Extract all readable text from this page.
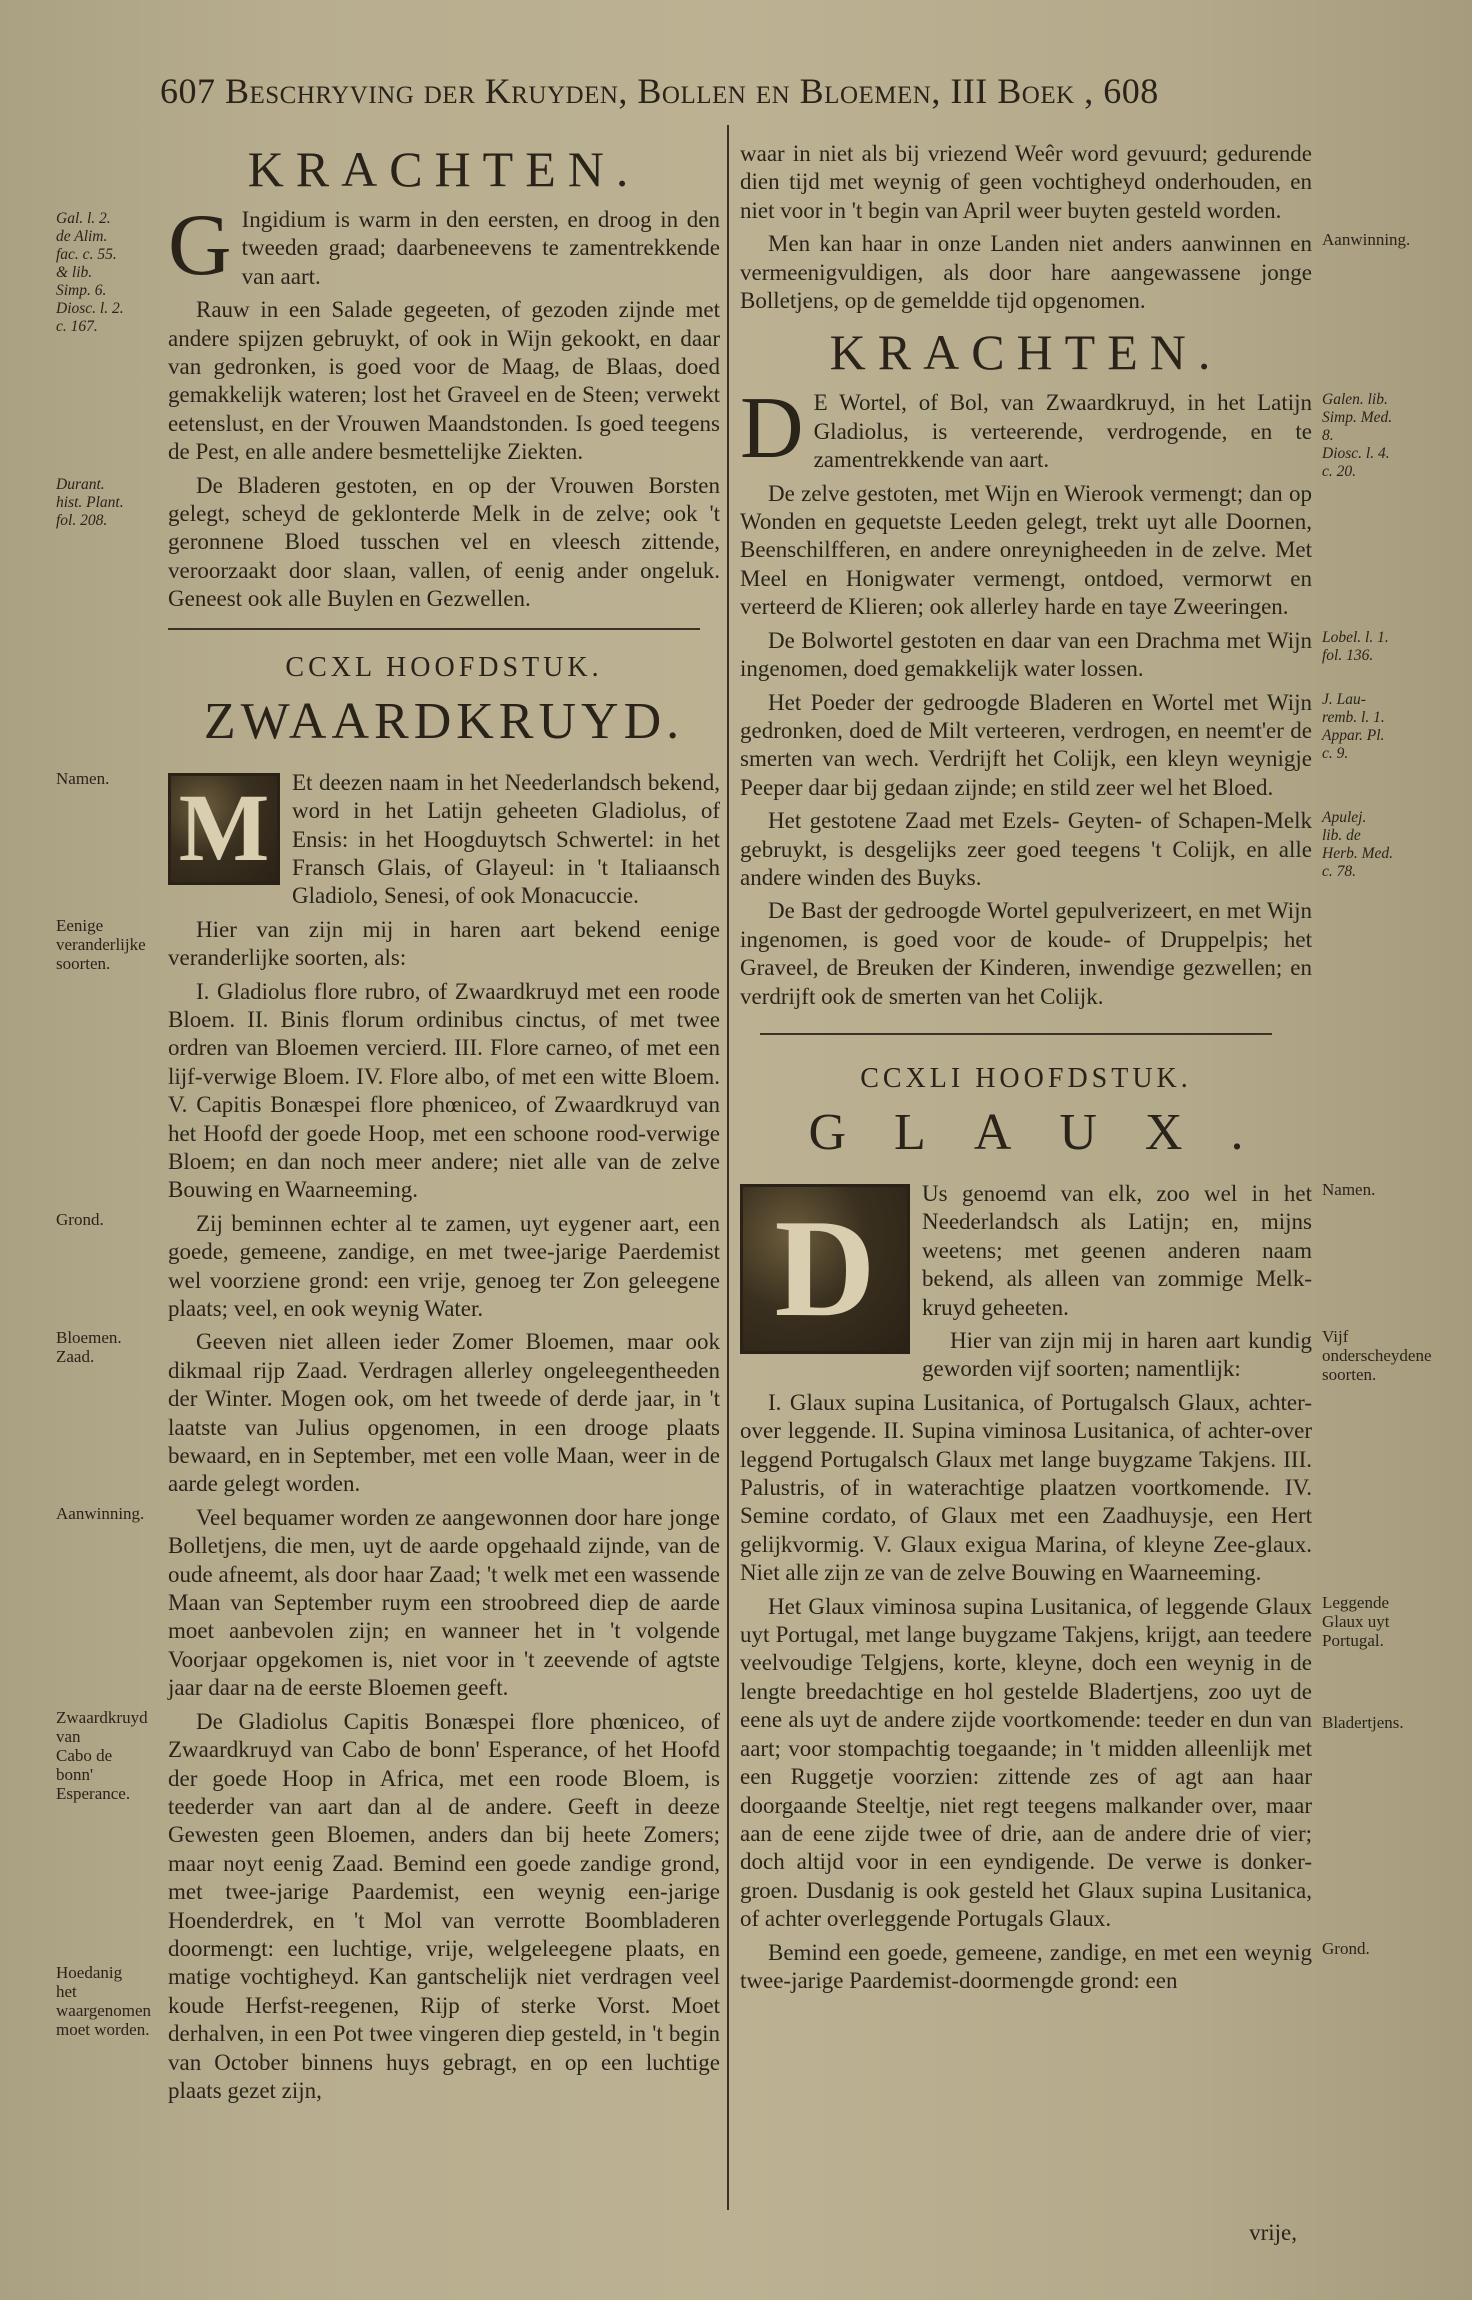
607 Beschryving der Kruyden, Bollen en Bloemen, III Boek , 608
KRACHTEN.

Gal. l. 2.
de Alim.
fac. c. 55.
& lib.
Simp. 6.
Diosc. l. 2.
c. 167.
G Ingidium is warm in den eersten, en droog in den tweeden graad; daarbeneevens te zamentrekkende van aart.

Rauw in een Salade gegeeten, of gezoden zijnde met andere spijzen gebruykt, of ook in Wijn gekookt, en daar van gedronken, is goed voor de Maag, de Blaas, doed gemakkelijk wateren; lost het Graveel en de Steen; verwekt eetenslust, en der Vrouwen Maandstonden. Is goed teegens de Pest, en alle andere besmettelijke Ziekten.

Durant.
hist. Plant.
fol. 208.
De Bladeren gestoten, en op der Vrouwen Borsten gelegt, scheyd de geklonterde Melk in de zelve; ook 't geronnene Bloed tusschen vel en vleesch zittende, veroorzaakt door slaan, vallen, of eenig ander ongeluk. Geneest ook alle Buylen en Gezwellen.

CCXL HOOFDSTUK.
ZWAARDKRUYD.

Namen. M Et deezen naam in het Neederlandsch bekend, word in het Latijn geheeten Gladiolus, of Ensis: in het Hoogduytsch Schwertel: in het Fransch Glais, of Glayeul: in 't Italiaansch Gladiolo, Senesi, of ook Monacuccie.

Eenige
veranderlijke soorten.
Hier van zijn mij in haren aart bekend eenige veranderlijke soorten, als:

I. Gladiolus flore rubro, of Zwaardkruyd met een roode Bloem. II. Binis florum ordinibus cinctus, of met twee ordren van Bloemen vercierd. III. Flore carneo, of met een lijf-verwige Bloem. IV. Flore albo, of met een witte Bloem. V. Capitis Bonæspei flore phœniceo, of Zwaardkruyd van het Hoofd der goede Hoop, met een schoone rood-verwige Bloem; en dan noch meer andere; niet alle van de zelve Bouwing en Waarneeming.

Grond.	Zij beminnen echter al te zamen, uyt eygener aart, een goede, gemeene, zandige, en met twee-jarige Paerdemist wel voorziene grond: een vrije, genoeg ter Zon geleegene plaats; veel, en ook weynig Water.

Bloemen.
Zaad.
Geeven niet alleen ieder Zomer Bloemen, maar ook dikmaal rijp Zaad. Verdragen allerley ongeleegentheeden der Winter. Mogen ook, om het tweede of derde jaar, in 't laatste van Julius opgenomen, in een drooge plaats bewaard, en in September, met een volle Maan, weer in de aarde gelegt worden.

Aanwinning.	Veel bequamer worden ze aangewonnen door hare jonge Bolletjens, die men, uyt de aarde opgehaald zijnde, van de oude afneemt, als door haar Zaad; 't welk met een wassende Maan van September ruym een stroobreed diep de aarde moet aanbevolen zijn; en wanneer het in 't volgende Voorjaar opgekomen is, niet voor in 't zeevende of agtste jaar daar na de eerste Bloemen geeft.

Zwaardkruyd van
Cabo de
bonn' Esperance.
Hoedanig
het waargenomen
moet worden.
De Gladiolus Capitis Bonæspei flore phœniceo, of Zwaardkruyd van Cabo de bonn' Esperance, of het Hoofd der goede Hoop in Africa, met een roode Bloem, is teederder van aart dan al de andere. Geeft in deeze Gewesten geen Bloemen, anders dan bij heete Zomers; maar noyt eenig Zaad. Bemind een goede zandige grond, met twee-jarige Paardemist, een weynig een-jarige Hoenderdrek, en 't Mol van verrotte Boombladeren doormengt: een luchtige, vrije, welgeleegene plaats, en matige vochtigheyd. Kan gantschelijk niet verdragen veel koude Herfst-reegenen, Rijp of sterke Vorst. Moet derhalven, in een Pot twee vingeren diep gesteld, in 't begin van October binnens huys gebragt, en op een luchtige plaats gezet zijn,

waar in niet als bij vriezend Weêr word gevuurd; gedurende dien tijd met weynig of geen vochtigheyd onderhouden, en niet voor in 't begin van April weer buyten gesteld worden.

Aanwinning.
Men kan haar in onze Landen niet anders aanwinnen en vermeenigvuldigen, als door hare aangewassene jonge Bolletjens, op de gemeldde tijd opgenomen.

KRACHTEN.

Galen. lib.
Simp. Med.
8.
Diosc. l. 4.
c. 20.
D E Wortel, of Bol, van Zwaardkruyd, in het Latijn Gladiolus, is verteerende, verdrogende, en te zamentrekkende van aart.

De zelve gestoten, met Wijn en Wierook vermengt; dan op Wonden en gequetste Leeden gelegt, trekt uyt alle Doornen, Beenschilfferen, en andere onreynigheeden in de zelve. Met Meel en Honigwater vermengt, ontdoed, vermorwt en verteerd de Klieren; ook allerley harde en taye Zweeringen.

Lobel. l. 1.
fol. 136.
De Bolwortel gestoten en daar van een Drachma met Wijn ingenomen, doed gemakkelijk water lossen.

J. Lau-
remb. l. 1.
Appar. Pl.
c. 9.
Het Poeder der gedroogde Bladeren en Wortel met Wijn gedronken, doed de Milt verteeren, verdrogen, en neemt'er de smerten van wech. Verdrijft het Colijk, een kleyn weynigje Peeper daar bij gedaan zijnde; en stild zeer wel het Bloed.

Apulej.
lib. de
Herb. Med.
c. 78.
Het gestotene Zaad met Ezels- Geyten- of Schapen-Melk gebruykt, is desgelijks zeer goed teegens 't Colijk, en alle andere winden des Buyks.

De Bast der gedroogde Wortel gepulverizeert, en met Wijn ingenomen, is goed voor de koude- of Druppelpis; het Graveel, de Breuken der Kinderen, inwendige gezwellen; en verdrijft ook de smerten van het Colijk.

CCXLI HOOFDSTUK.
GLAUX.

Namen.
D	Us genoemd van elk, zoo wel in het Neederlandsch als Latijn; en, mijns weetens; met geenen anderen naam bekend, als alleen van zommige Melk-kruyd geheeten.

Vijf onderscheydene soorten.
Hier van zijn mij in haren aart kundig geworden vijf soorten; namentlijk:

I. Glaux supina Lusitanica, of Portugalsch Glaux, achter-over leggende. II. Supina viminosa Lusitanica, of achter-over leggend Portugalsch Glaux met lange buygzame Takjens. III. Palustris, of in waterachtige plaatzen voortkomende. IV. Semine cordato, of Glaux met een Zaadhuysje, een Hert gelijkvormig. V. Glaux exigua Marina, of kleyne Zee-glaux. Niet alle zijn ze van de zelve Bouwing en Waarneeming.

Leggende
Glaux uyt
Portugal.
Bladertjens.
Het Glaux viminosa supina Lusitanica, of leggende Glaux uyt Portugal, met lange buygzame Takjens, krijgt, aan teedere veelvoudige Telgjens, korte, kleyne, doch een weynig in de lengte breedachtige en hol gestelde Bladertjens, zoo uyt de eene als uyt de andere zijde voortkomende: teeder en dun van aart; voor stompachtig toegaande; in 't midden alleenlijk met een Ruggetje voorzien: zittende zes of agt aan haar doorgaande Steeltje, niet regt teegens malkander over, maar aan de eene zijde twee of drie, aan de andere drie of vier; doch altijd voor in een eyndigende. De verwe is donker-groen. Dusdanig is ook gesteld het Glaux supina Lusitanica, of achter overleggende Portugals Glaux.

Grond.
Bemind een goede, gemeene, zandige, en met een weynig twee-jarige Paardemist-doormengde grond: een

vrije,
